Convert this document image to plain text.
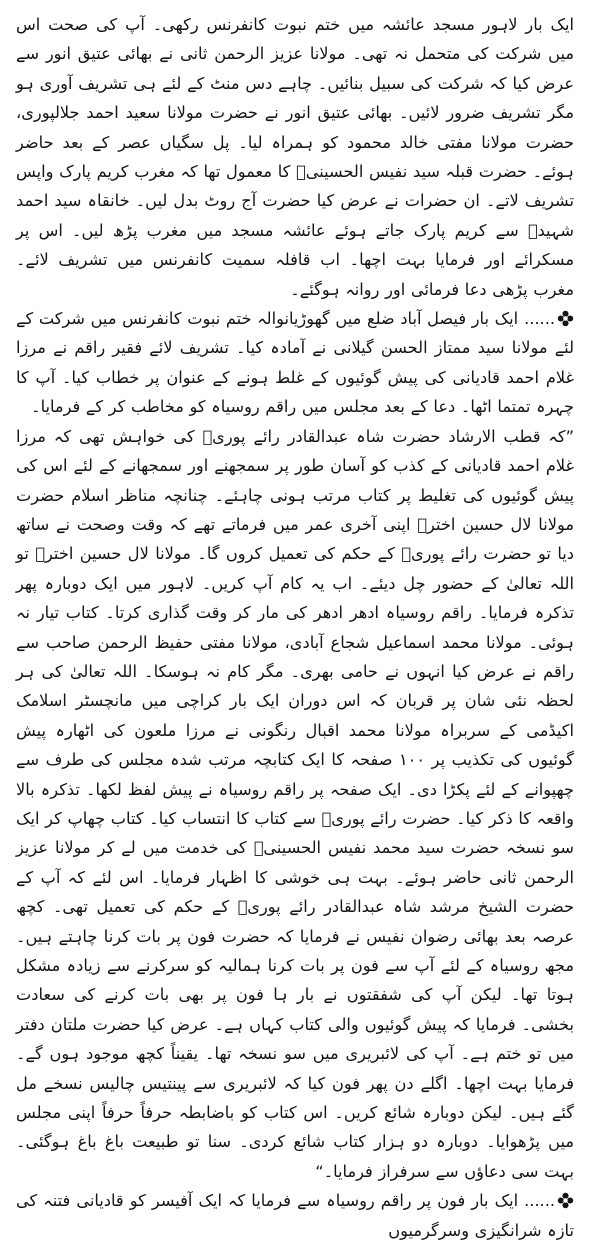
ایک بار لاہور مسجد عائشہ میں ختم نبوت کانفرنس رکھی۔ آپ کی صحت اس میں شرکت کی متحمل نہ تھی۔ مولانا عزیز الرحمن ثانی نے بھائی عتیق انور سے عرض کیا کہ شرکت کی سبیل بنائیں۔ چاہے دس منٹ کے لئے ہی تشریف آوری ہو مگر تشریف ضرور لائیں۔ بھائی عتیق انور نے حضرت مولانا سعید احمد جلالپوری، حضرت مولانا مفتی خالد محمود کو ہمراہ لیا۔ پل سگیاں عصر کے بعد حاضر ہوئے۔ حضرت قبلہ سید نفیس الحسینیؒ کا معمول تھا کہ مغرب کریم پارک واپس تشریف لاتے۔ ان حضرات نے عرض کیا حضرت آج روٹ بدل لیں۔ خانقاہ سید احمد شہیدؒ سے کریم پارک جاتے ہوئے عائشہ مسجد میں مغرب پڑھ لیں۔ اس پر مسکرائے اور فرمایا بہت اچھا۔ اب قافلہ سمیت کانفرنس میں تشریف لائے۔ مغرب پڑھی دعا فرمائی اور روانہ ہوگئے۔

......ایک بار فیصل آباد ضلع میں گھوڑیانوالہ ختم نبوت کانفرنس میں شرکت کے لئے مولانا سید ممتاز الحسن گیلانی نے آمادہ کیا۔ تشریف لائے فقیر راقم نے مرزا غلام احمد قادیانی کی پیش گوئیوں کے غلط ہونے کے عنوان پر خطاب کیا۔ آپ کا چہرہ تمتما اٹھا۔ دعا کے بعد مجلس میں راقم روسیاہ کو مخاطب کر کے فرمایا۔

”کہ قطب الارشاد حضرت شاہ عبدالقادر رائے پوریؒ کی خواہش تھی کہ مرزا غلام احمد قادیانی کے کذب کو آسان طور پر سمجھنے اور سمجھانے کے لئے اس کی پیش گوئیوں کی تغلیط پر کتاب مرتب ہونی چاہئے۔ چنانچہ مناظر اسلام حضرت مولانا لال حسین اخترؒ اپنی آخری عمر میں فرماتے تھے کہ وقت وصحت نے ساتھ دیا تو حضرت رائے پوریؒ کے حکم کی تعمیل کروں گا۔ مولانا لال حسین اخترؒ تو اللہ تعالیٰ کے حضور چل دیئے۔ اب یہ کام آپ کریں۔ لاہور میں ایک دوبارہ پھر تذکرہ فرمایا۔ راقم روسیاہ ادھر ادھر کی مار کر وقت گذاری کرتا۔ کتاب تیار نہ ہوئی۔ مولانا محمد اسماعیل شجاع آبادی، مولانا مفتی حفیظ الرحمن صاحب سے راقم نے عرض کیا انہوں نے حامی بھری۔ مگر کام نہ ہوسکا۔ اللہ تعالیٰ کی ہر لحظہ نئی شان پر قربان کہ اس دوران ایک بار کراچی میں مانچسٹر اسلامک اکیڈمی کے سربراہ مولانا محمد اقبال رنگونی نے مرزا ملعون کی اٹھارہ پیش گوئیوں کی تکذیب پر ۱۰۰ صفحہ کا ایک کتابچہ مرتب شدہ مجلس کی طرف سے چھپوانے کے لئے پکڑا دی۔ ایک صفحہ پر راقم روسیاہ نے پیش لفظ لکھا۔ تذکرہ بالا واقعہ کا ذکر کیا۔ حضرت رائے پوریؒ سے کتاب کا انتساب کیا۔ کتاب چھاپ کر ایک سو نسخہ حضرت سید محمد نفیس الحسینیؒ کی خدمت میں لے کر مولانا عزیز الرحمن ثانی حاضر ہوئے۔ بہت ہی خوشی کا اظہار فرمایا۔ اس لئے کہ آپ کے حضرت الشیخ مرشد شاہ عبدالقادر رائے پوریؒ کے حکم کی تعمیل تھی۔ کچھ عرصہ بعد بھائی رضوان نفیس نے فرمایا کہ حضرت فون پر بات کرنا چاہتے ہیں۔ مجھ روسیاہ کے لئے آپ سے فون پر بات کرنا ہمالیہ کو سرکرنے سے زیادہ مشکل ہوتا تھا۔ لیکن آپ کی شفقتوں نے بار ہا فون پر بھی بات کرنے کی سعادت بخشی۔ فرمایا کہ پیش گوئیوں والی کتاب کہاں ہے۔ عرض کیا حضرت ملتان دفتر میں تو ختم ہے۔ آپ کی لائبریری میں سو نسخہ تھا۔ یقیناً کچھ موجود ہوں گے۔ فرمایا بہت اچھا۔ اگلے دن پھر فون کیا کہ لائبریری سے پینتیس چالیس نسخے مل گئے ہیں۔ لیکن دوبارہ شائع کریں۔ اس کتاب کو باضابطہ حرفاً حرفاً اپنی مجلس میں پڑھوایا۔ دوبارہ دو ہزار کتاب شائع کردی۔ سنا تو طبیعت باغ باغ ہوگئی۔ بہت سی دعاؤں سے سرفراز فرمایا۔“

......ایک بار فون پر راقم روسیاہ سے فرمایا کہ ایک آفیسر کو قادیانی فتنہ کی تازہ شرانگیزی وسرگرمیوں
